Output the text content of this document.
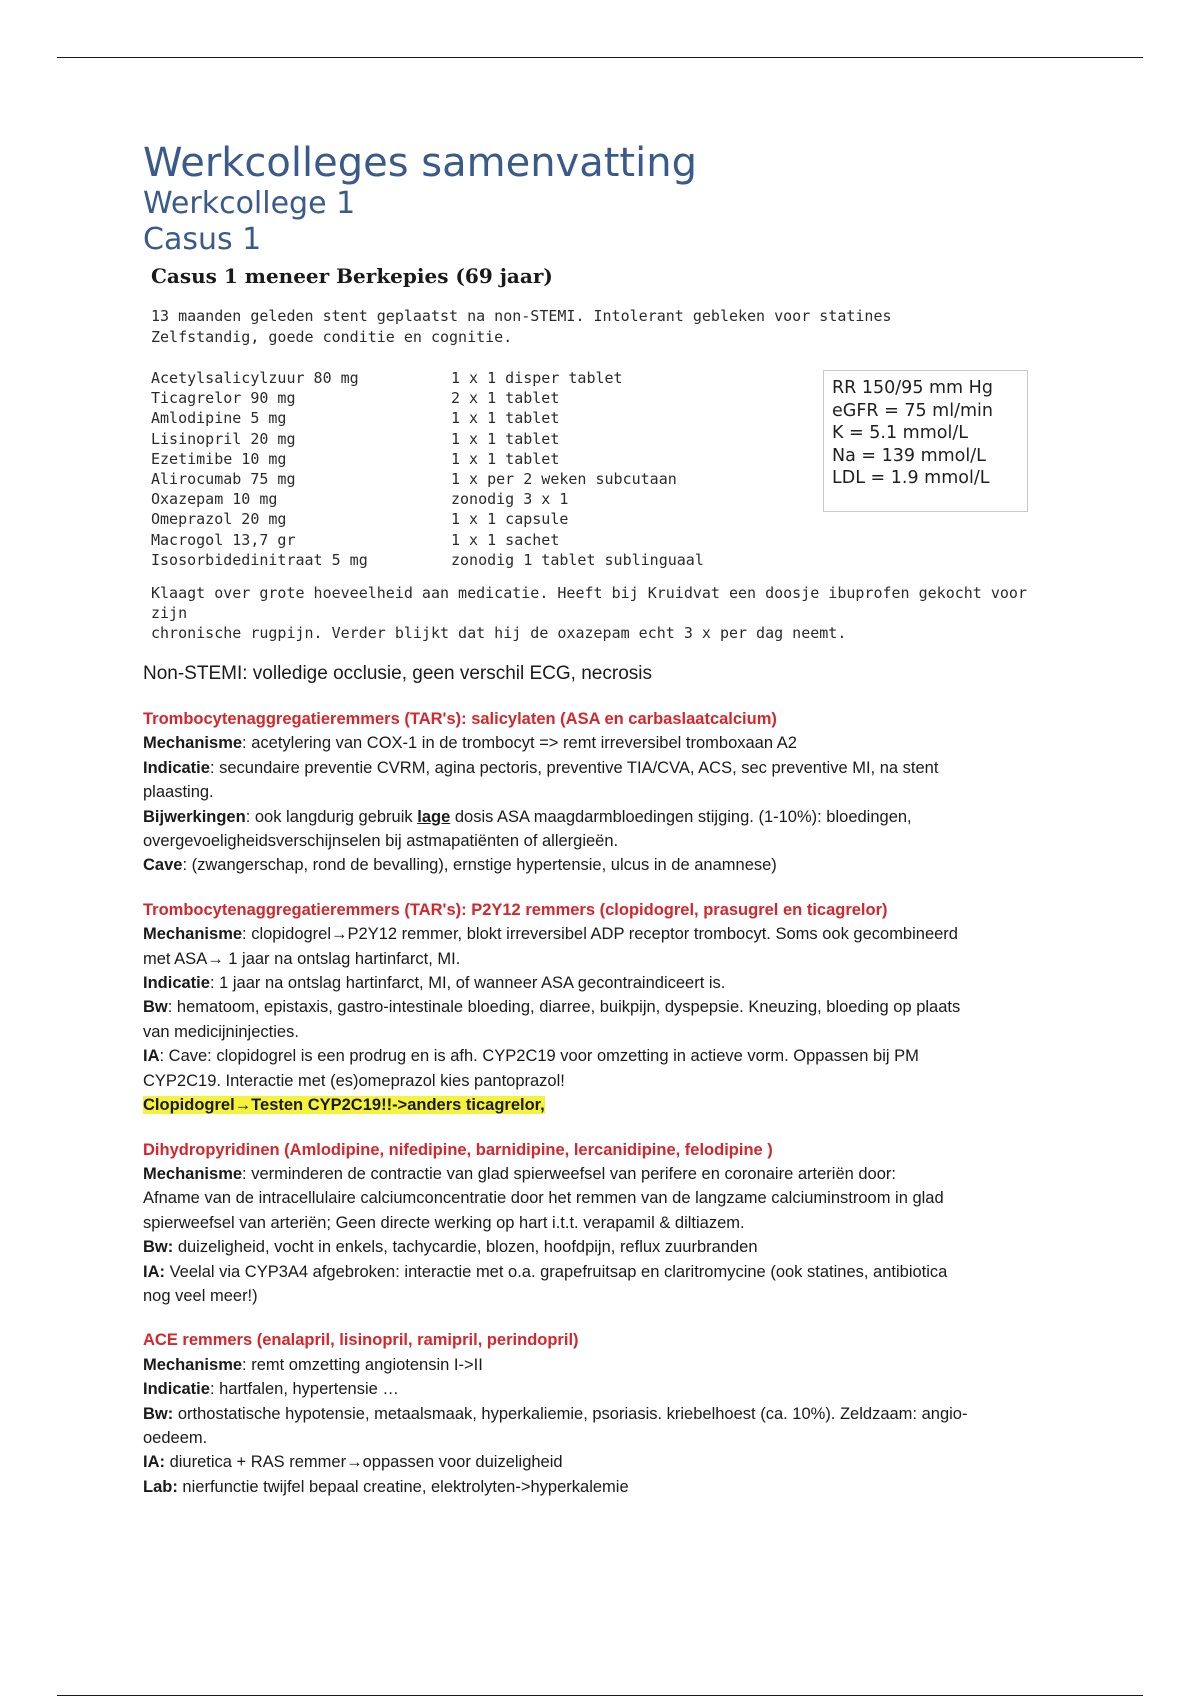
Werkcolleges samenvatting
Werkcollege 1
Casus 1
Casus 1 meneer Berkepies (69 jaar)

13 maanden geleden stent geplaatst na non-STEMI. Intolerant gebleken voor statines

Zelfstandig, goede conditie en cognitie.

Acetylsalicylzuur 80 mg	1 x 1 disper tablet
Ticagrelor 90 mg	2 x 1 tablet
Amlodipine 5 mg	1 x 1 tablet
Lisinopril 20 mg	1 x 1 tablet
Ezetimibe 10 mg	1 x 1 tablet
Alirocumab 75 mg	1 x per 2 weken subcutaan
Oxazepam 10 mg	zonodig 3 x 1
Omeprazol 20 mg	1 x 1 capsule
Macrogol 13,7 gr	1 x 1 sachet
Isosorbidedinitraat 5 mg	zonodig 1 tablet sublinguaal
RR 150/95 mm Hg
eGFR = 75 ml/min
K = 5.1 mmol/L
Na = 139 mmol/L
LDL = 1.9 mmol/L

Klaagt over grote hoeveelheid aan medicatie. Heeft bij Kruidvat een doosje ibuprofen gekocht voor zijn

chronische rugpijn. Verder blijkt dat hij de oxazepam echt 3 x per dag neemt.

Non-STEMI: volledige occlusie, geen verschil ECG, necrosis
Trombocytenaggregatieremmers (TAR's): salicylaten (ASA en carbaslaatcalcium)

Mechanisme: acetylering van COX-1 in de trombocyt => remt irreversibel tromboxaan A2

Indicatie: secundaire preventie CVRM, agina pectoris, preventive TIA/CVA, ACS, sec preventive MI, na stent

plaasting.

Bijwerkingen: ook langdurig gebruik lage dosis ASA maagdarmbloedingen stijging. (1-10%): bloedingen,

overgevoeligheidsverschijnselen bij astmapatiënten of allergieën.

Cave: (zwangerschap, rond de bevalling), ernstige hypertensie, ulcus in de anamnese)

Trombocytenaggregatieremmers (TAR's): P2Y12 remmers (clopidogrel, prasugrel en ticagrelor)

Mechanisme: clopidogrel→P2Y12 remmer, blokt irreversibel ADP receptor trombocyt. Soms ook gecombineerd

met ASA→ 1 jaar na ontslag hartinfarct, MI.

Indicatie: 1 jaar na ontslag hartinfarct, MI, of wanneer ASA gecontraindiceert is.

Bw: hematoom, epistaxis, gastro-intestinale bloeding, diarree, buikpijn, dyspepsie. Kneuzing, bloeding op plaats

van medicijninjecties.

IA: Cave: clopidogrel is een prodrug en is afh. CYP2C19 voor omzetting in actieve vorm. Oppassen bij PM

CYP2C19. Interactie met (es)omeprazol kies pantoprazol!

Clopidogrel→Testen CYP2C19!!->anders ticagrelor,

Dihydropyridinen (Amlodipine, nifedipine, barnidipine, lercanidipine, felodipine )

Mechanisme: verminderen de contractie van glad spierweefsel van perifere en coronaire arteriën door:

Afname van de intracellulaire calciumconcentratie door het remmen van de langzame calciuminstroom in glad

spierweefsel van arteriën; Geen directe werking op hart i.t.t. verapamil & diltiazem.

Bw: duizeligheid, vocht in enkels, tachycardie, blozen, hoofdpijn, reflux zuurbranden

IA: Veelal via CYP3A4 afgebroken: interactie met o.a. grapefruitsap en claritromycine (ook statines, antibiotica

nog veel meer!)

ACE remmers (enalapril, lisinopril, ramipril, perindopril)

Mechanisme: remt omzetting angiotensin I->II

Indicatie: hartfalen, hypertensie …

Bw: orthostatische hypotensie, metaalsmaak, hyperkaliemie, psoriasis. kriebelhoest (ca. 10%). Zeldzaam: angio-

oedeem.

IA: diuretica + RAS remmer→oppassen voor duizeligheid

Lab: nierfunctie twijfel bepaal creatine, elektrolyten->hyperkalemie
